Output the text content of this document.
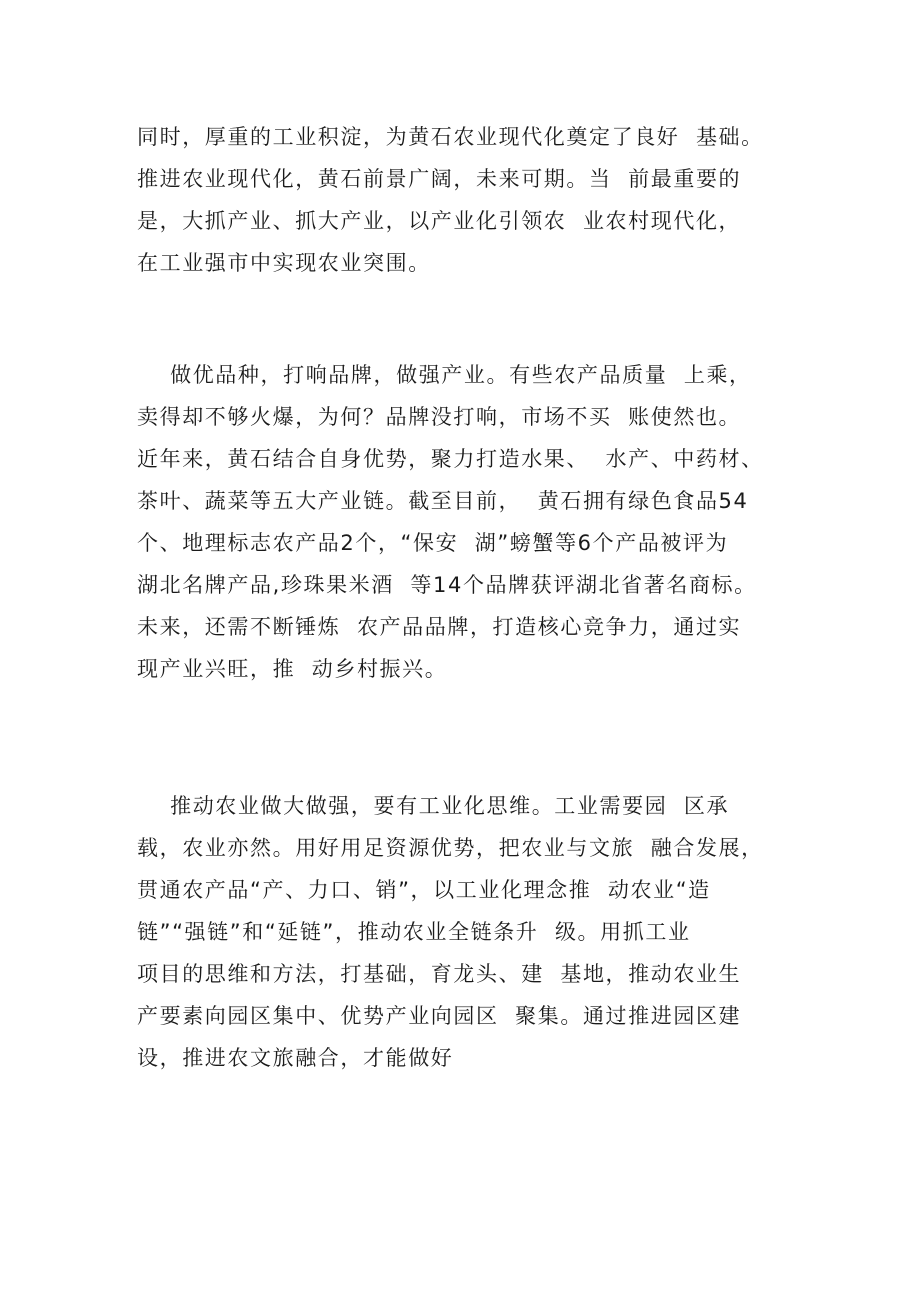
同时，厚重的工业积淀，为黄石农业现代化奠定了良好  基础。
推进农业现代化，黄石前景广阔，未来可期。当  前最重要的
是，大抓产业、抓大产业，以产业化引领农  业农村现代化，
在工业强市中实现农业突围。
做优品种，打响品牌，做强产业。有些农产品质量  上乘，
卖得却不够火爆，为何？品牌没打响，市场不买  账使然也。
近年来，黄石结合自身优势，聚力打造水果、  水产、中药材、
茶叶、蔬菜等五大产业链。截至目前，  黄石拥有绿色食品54
个、地理标志农产品2个，“保安  湖”螃蟹等6个产品被评为
湖北名牌产品,珍珠果米酒  等14个品牌获评湖北省著名商标。
未来，还需不断锤炼  农产品品牌，打造核心竞争力，通过实
现产业兴旺，推  动乡村振兴。
推动农业做大做强，要有工业化思维。工业需要园  区承
载，农业亦然。用好用足资源优势，把农业与文旅  融合发展，
贯通农产品“产、力口、销”，以工业化理念推  动农业“造
链”“强链”和“延链”，推动农业全链条升  级。用抓工业
项目的思维和方法，打基础，育龙头、建  基地，推动农业生
产要素向园区集中、优势产业向园区  聚集。通过推进园区建
设，推进农文旅融合，才能做好
